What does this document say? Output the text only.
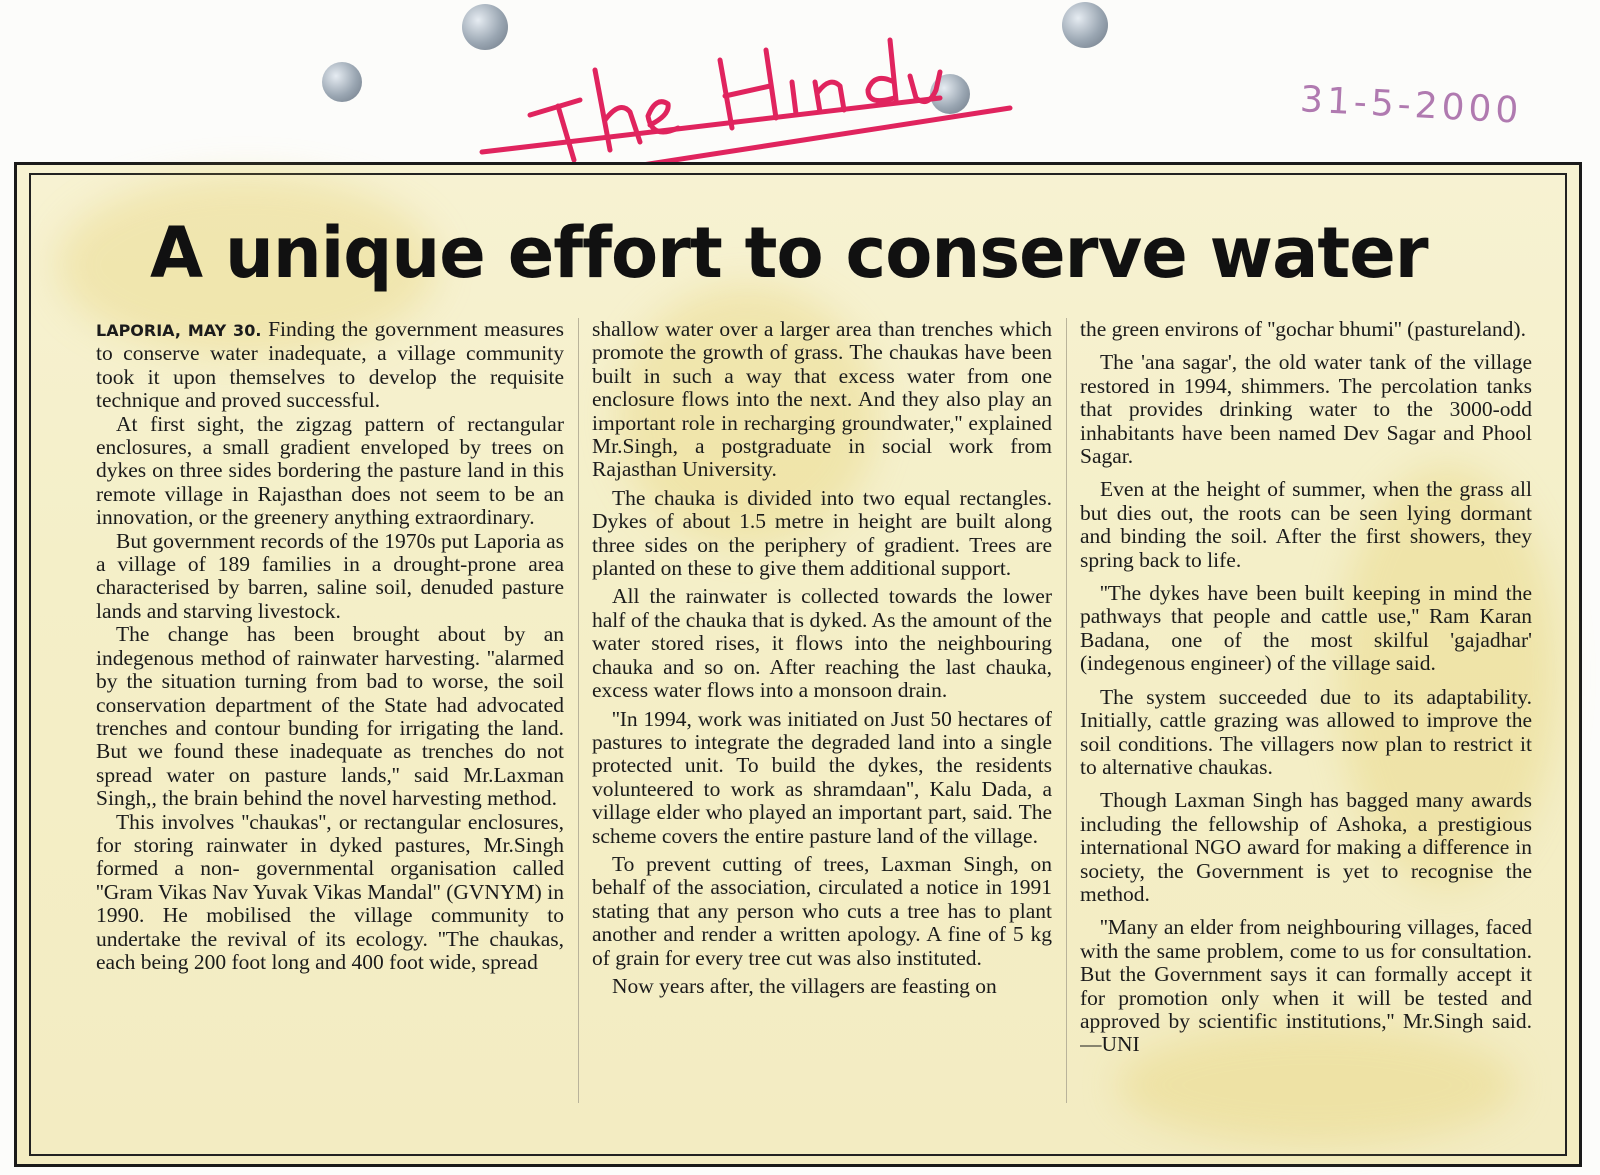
31-5-2000
A unique effort to conserve water

LAPORIA, MAY 30. Finding the government measures to conserve water inadequate, a village community took it upon themselves to develop the requisite technique and proved successful.

At first sight, the zigzag pattern of rectangular enclosures, a small gradient enveloped by trees on dykes on three sides bordering the pasture land in this remote village in Rajasthan does not seem to be an innovation, or the greenery anything extraordinary.

But government records of the 1970s put Laporia as a village of 189 families in a drought-prone area characterised by barren, saline soil, denuded pasture lands and starving livestock.

The change has been brought about by an indegenous method of rainwater harvesting. ''alarmed by the situation turning from bad to worse, the soil conservation department of the State had advocated trenches and contour bunding for irrigating the land. But we found these inadequate as trenches do not spread water on pasture lands,'' said Mr.Laxman Singh,, the brain behind the novel harvesting method.

This involves ''chaukas'', or rectangular enclosures, for storing rainwater in dyked pastures, Mr.Singh formed a non- governmental organisation called ''Gram Vikas Nav Yuvak Vikas Mandal'' (GVNYM) in 1990. He mobilised the village community to undertake the revival of its ecology. ''The chaukas, each being 200 foot long and 400 foot wide, spread

shallow water over a larger area than trenches which promote the growth of grass. The chaukas have been built in such a way that excess water from one enclosure flows into the next. And they also play an important role in recharging groundwater,'' explained Mr.Singh, a postgraduate in social work from Rajasthan University.

The chauka is divided into two equal rectangles. Dykes of about 1.5 metre in height are built along three sides on the periphery of gradient. Trees are planted on these to give them additional support.

All the rainwater is collected towards the lower half of the chauka that is dyked. As the amount of the water stored rises, it flows into the neighbouring chauka and so on. After reaching the last chauka, excess water flows into a monsoon drain.

''In 1994, work was initiated on Just 50 hectares of pastures to integrate the degraded land into a single protected unit. To build the dykes, the residents volunteered to work as shramdaan'', Kalu Dada, a village elder who played an important part, said. The scheme covers the entire pasture land of the village.

To prevent cutting of trees, Laxman Singh, on behalf of the association, circulated a notice in 1991 stating that any person who cuts a tree has to plant another and render a written apology. A fine of 5 kg of grain for every tree cut was also instituted.

Now years after, the villagers are feasting on

the green environs of ''gochar bhumi'' (pastureland).

The 'ana sagar', the old water tank of the village restored in 1994, shimmers. The percolation tanks that provides drinking water to the 3000-odd inhabitants have been named Dev Sagar and Phool Sagar.

Even at the height of summer, when the grass all but dies out, the roots can be seen lying dormant and binding the soil. After the first showers, they spring back to life.

''The dykes have been built keeping in mind the pathways that people and cattle use,'' Ram Karan Badana, one of the most skilful 'gajadhar' (indegenous engineer) of the village said.

The system succeeded due to its adaptability. Initially, cattle grazing was allowed to improve the soil conditions. The villagers now plan to restrict it to alternative chaukas.

Though Laxman Singh has bagged many awards including the fellowship of Ashoka, a prestigious international NGO award for making a difference in society, the Government is yet to recognise the method.

''Many an elder from neighbouring villages, faced with the same problem, come to us for consultation. But the Government says it can formally accept it for promotion only when it will be tested and approved by scientific institutions,'' Mr.Singh said.—UNI
